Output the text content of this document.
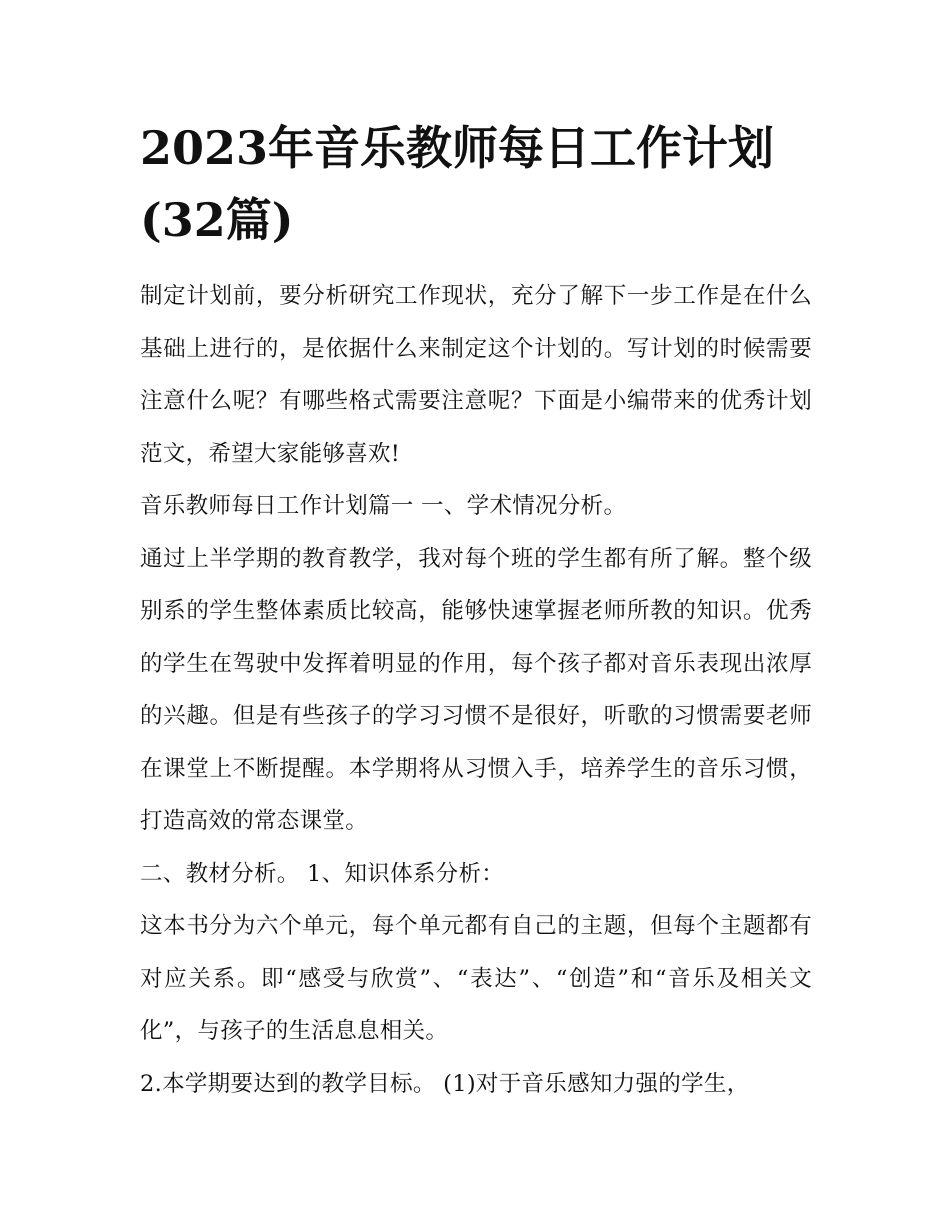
2023年音乐教师每日工作计划(32篇)

制定计划前，要分析研究工作现状，充分了解下一步工作是在什么基础上进行的，是依据什么来制定这个计划的。写计划的时候需要注意什么呢？有哪些格式需要注意呢？下面是小编带来的优秀计划范文，希望大家能够喜欢!

音乐教师每日工作计划篇一 一、学术情况分析。

通过上半学期的教育教学，我对每个班的学生都有所了解。整个级别系的学生整体素质比较高，能够快速掌握老师所教的知识。优秀的学生在驾驶中发挥着明显的作用，每个孩子都对音乐表现出浓厚的兴趣。但是有些孩子的学习习惯不是很好，听歌的习惯需要老师在课堂上不断提醒。本学期将从习惯入手，培养学生的音乐习惯，打造高效的常态课堂。

二、教材分析。 1、知识体系分析：

这本书分为六个单元，每个单元都有自己的主题，但每个主题都有对应关系。即“感受与欣赏”、“表达”、“创造”和“音乐及相关文化”，与孩子的生活息息相关。

2.本学期要达到的教学目标。 (1)对于音乐感知力强的学生，
